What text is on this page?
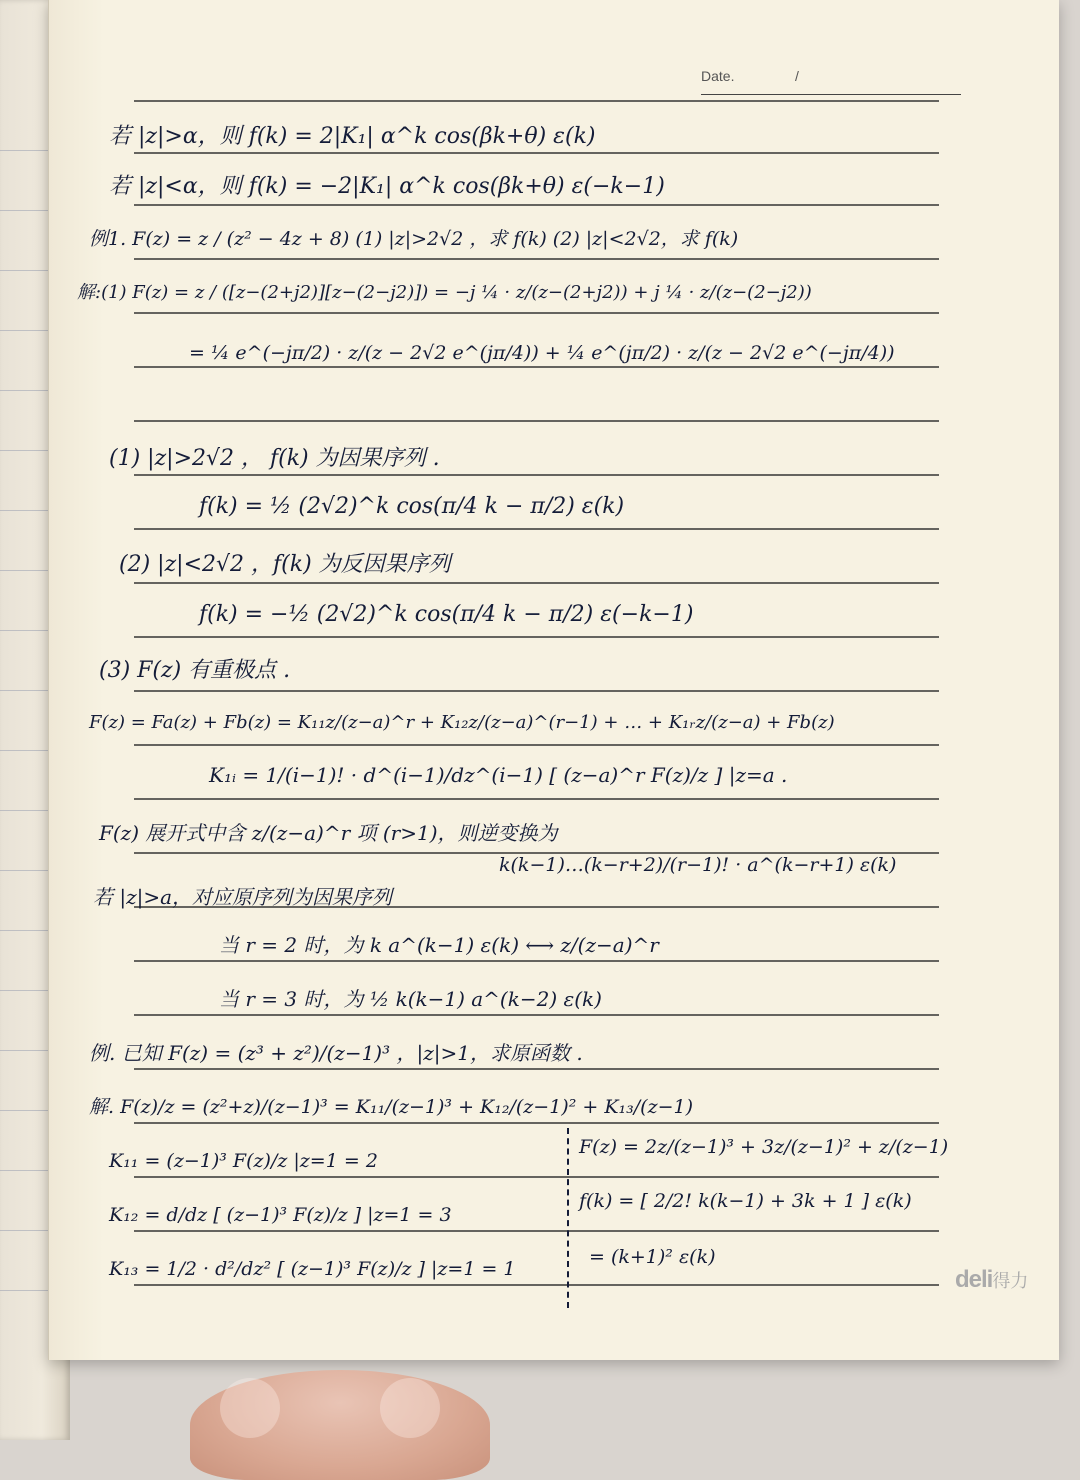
Date.	/

若 |z|>α，则 f(k) = 2|K₁| α^k cos(βk+θ) ε(k)

若 |z|<α，则 f(k) = −2|K₁| α^k cos(βk+θ) ε(−k−1)

例1. F(z) = z / (z² − 4z + 8) (1) |z|>2√2 ，求 f(k) (2) |z|<2√2，求 f(k)

解:(1) F(z) = z / ([z−(2+j2)][z−(2−j2)]) = −j ¼ · z/(z−(2+j2)) + j ¼ · z/(z−(2−j2))

= ¼ e^(−jπ/2) · z/(z − 2√2 e^(jπ/4)) + ¼ e^(jπ/2) · z/(z − 2√2 e^(−jπ/4))

(1) |z|>2√2 ， f(k) 为因果序列 .

f(k) = ½ (2√2)^k cos(π/4 k − π/2) ε(k)

(2) |z|<2√2 ，f(k) 为反因果序列

f(k) = −½ (2√2)^k cos(π/4 k − π/2) ε(−k−1)

(3) F(z) 有重极点 .

F(z) = Fa(z) + Fb(z) = K₁₁z/(z−a)^r + K₁₂z/(z−a)^(r−1) + … + K₁ᵣz/(z−a) + Fb(z)

K₁ᵢ = 1/(i−1)! · d^(i−1)/dz^(i−1) [ (z−a)^r F(z)/z ] |z=a .

F(z) 展开式中含 z/(z−a)^r 项 (r>1)，则逆变换为

k(k−1)…(k−r+2)/(r−1)! · a^(k−r+1) ε(k)

若 |z|>a，对应原序列为因果序列

当 r = 2 时，为 k a^(k−1) ε(k) ⟷ z/(z−a)^r

当 r = 3 时，为 ½ k(k−1) a^(k−2) ε(k)

例. 已知 F(z) = (z³ + z²)/(z−1)³ ，|z|>1，求原函数 .

解. F(z)/z = (z²+z)/(z−1)³ = K₁₁/(z−1)³ + K₁₂/(z−1)² + K₁₃/(z−1)

K₁₁ = (z−1)³ F(z)/z |z=1 = 2

K₁₂ = d/dz [ (z−1)³ F(z)/z ] |z=1 = 3

K₁₃ = 1/2 · d²/dz² [ (z−1)³ F(z)/z ] |z=1 = 1

F(z) = 2z/(z−1)³ + 3z/(z−1)² + z/(z−1)

f(k) = [ 2/2! k(k−1) + 3k + 1 ] ε(k)

= (k+1)² ε(k)

deli得力
